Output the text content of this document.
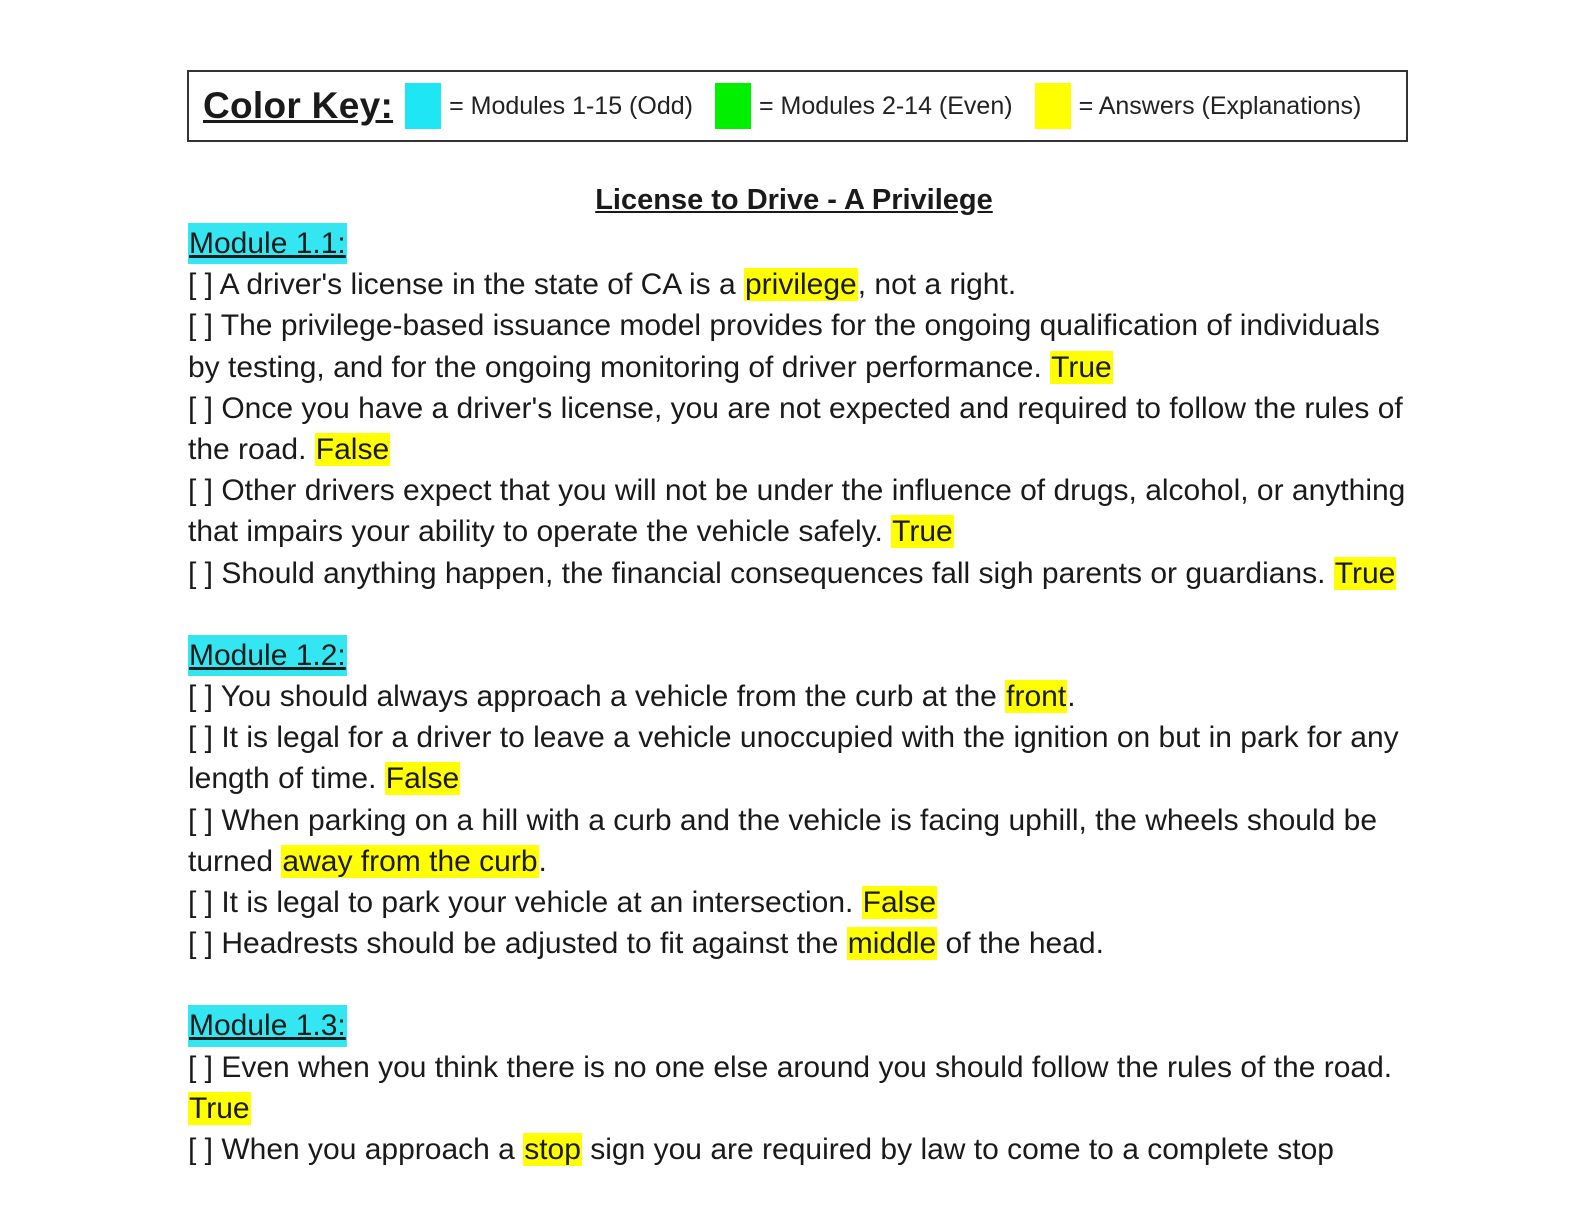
Color Key: = Modules 1-15 (Odd)	= Modules 2-14 (Even)	= Answers (Explanations)
License to Drive - A Privilege
Module 1.1:

[ ] A driver's license in the state of CA is a privilege, not a right.

[ ] The privilege-based issuance model provides for the ongoing qualification of individuals by testing, and for the ongoing monitoring of driver performance. True

[ ] Once you have a driver's license, you are not expected and required to follow the rules of the road. False

[ ] Other drivers expect that you will not be under the influence of drugs, alcohol, or anything that impairs your ability to operate the vehicle safely. True

[ ] Should anything happen, the financial consequences fall sigh parents or guardians. True

Module 1.2:

[ ] You should always approach a vehicle from the curb at the front.

[ ] It is legal for a driver to leave a vehicle unoccupied with the ignition on but in park for any length of time. False

[ ] When parking on a hill with a curb and the vehicle is facing uphill, the wheels should be turned away from the curb.

[ ] It is legal to park your vehicle at an intersection. False

[ ] Headrests should be adjusted to fit against the middle of the head.

Module 1.3:

[ ] Even when you think there is no one else around you should follow the rules of the road. True

[ ] When you approach a stop sign you are required by law to come to a complete stop
